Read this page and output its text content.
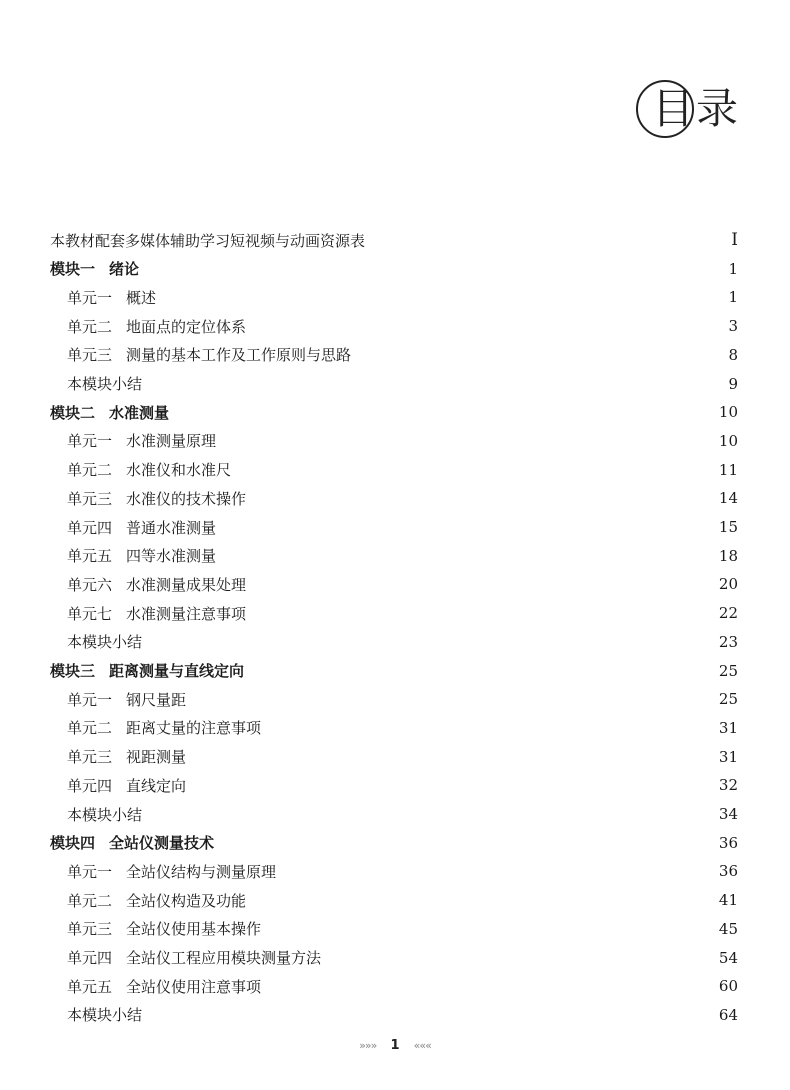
目录
本教材配套多媒体辅助学习短视频与动画资源表	I
模块一 绪论	1
单元一 概述	1
单元二 地面点的定位体系	3
单元三 测量的基本工作及工作原则与思路	8
本模块小结	9
模块二 水准测量	10
单元一 水准测量原理	10
单元二 水准仪和水准尺	11
单元三 水准仪的技术操作	14
单元四 普通水准测量	15
单元五 四等水准测量	18
单元六 水准测量成果处理	20
单元七 水准测量注意事项	22
本模块小结	23
模块三 距离测量与直线定向	25
单元一 钢尺量距	25
单元二 距离丈量的注意事项	31
单元三 视距测量	31
单元四 直线定向	32
本模块小结	34
模块四 全站仪测量技术	36
单元一 全站仪结构与测量原理	36
单元二 全站仪构造及功能	41
单元三 全站仪使用基本操作	45
单元四 全站仪工程应用模块测量方法	54
单元五 全站仪使用注意事项	60
本模块小结	64
»»» 1 «««
